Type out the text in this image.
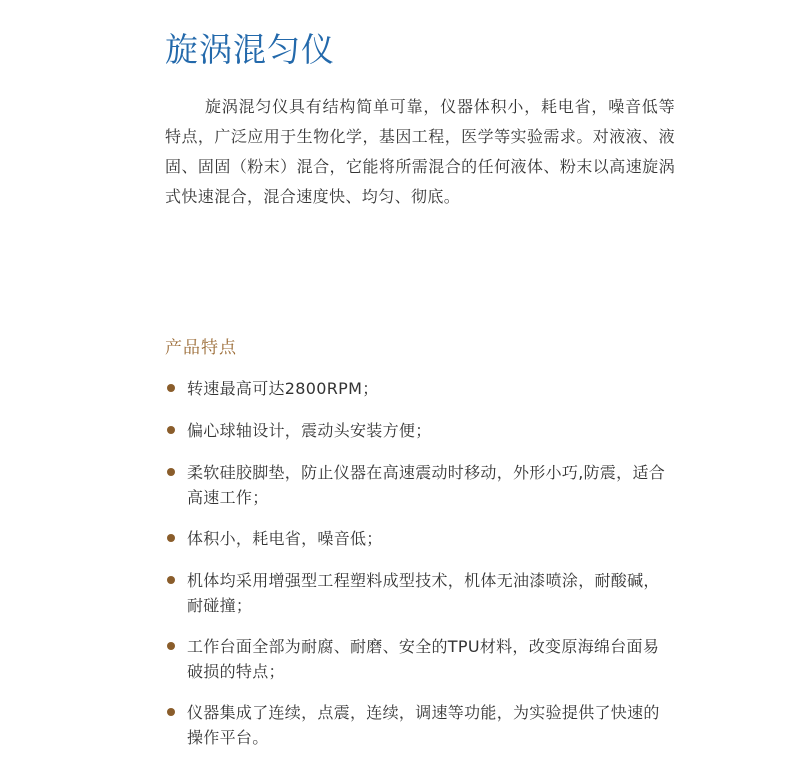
旋涡混匀仪

旋涡混匀仪具有结构简单可靠，仪器体积小，耗电省，噪音低等特点，广泛应用于生物化学，基因工程，医学等实验需求。对液液、液固、固固（粉末）混合，它能将所需混合的任何液体、粉末以高速旋涡式快速混合，混合速度快、均匀、彻底。

产品特点
转速最高可达2800RPM；
偏心球轴设计，震动头安装方便；
柔软硅胶脚垫，防止仪器在高速震动时移动，外形小巧,防震，适合高速工作；
体积小，耗电省，噪音低；
机体均采用增强型工程塑料成型技术，机体无油漆喷涂，耐酸碱，耐碰撞；
工作台面全部为耐腐、耐磨、安全的TPU材料，改变原海绵台面易破损的特点；
仪器集成了连续，点震，连续，调速等功能，为实验提供了快速的操作平台。
